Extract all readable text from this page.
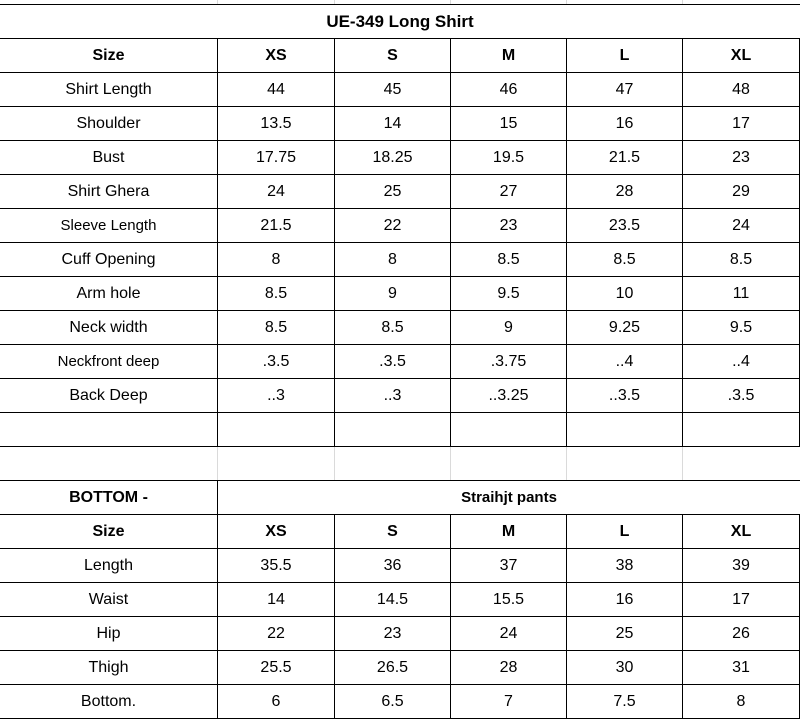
UE-349 Long Shirt
Size	XS	S	M	L	XL
Shirt Length	44	45	46	47	48
Shoulder	13.5	14	15	16	17
Bust	17.75	18.25	19.5	21.5	23
Shirt Ghera	24	25	27	28	29
Sleeve Length	21.5	22	23	23.5	24
Cuff Opening	8	8	8.5	8.5	8.5
Arm hole	8.5	9	9.5	10	11
Neck width	8.5	8.5	9	9.25	9.5
Neckfront deep	.3.5	.3.5	.3.75	..4	..4
Back Deep	..3	..3	..3.25	..3.5	.3.5
BOTTOM -	Straihjt pants
Size	XS	S	M	L	XL
Length	35.5	36	37	38	39
Waist	14	14.5	15.5	16	17
Hip	22	23	24	25	26
Thigh	25.5	26.5	28	30	31
Bottom.	6	6.5	7	7.5	8
